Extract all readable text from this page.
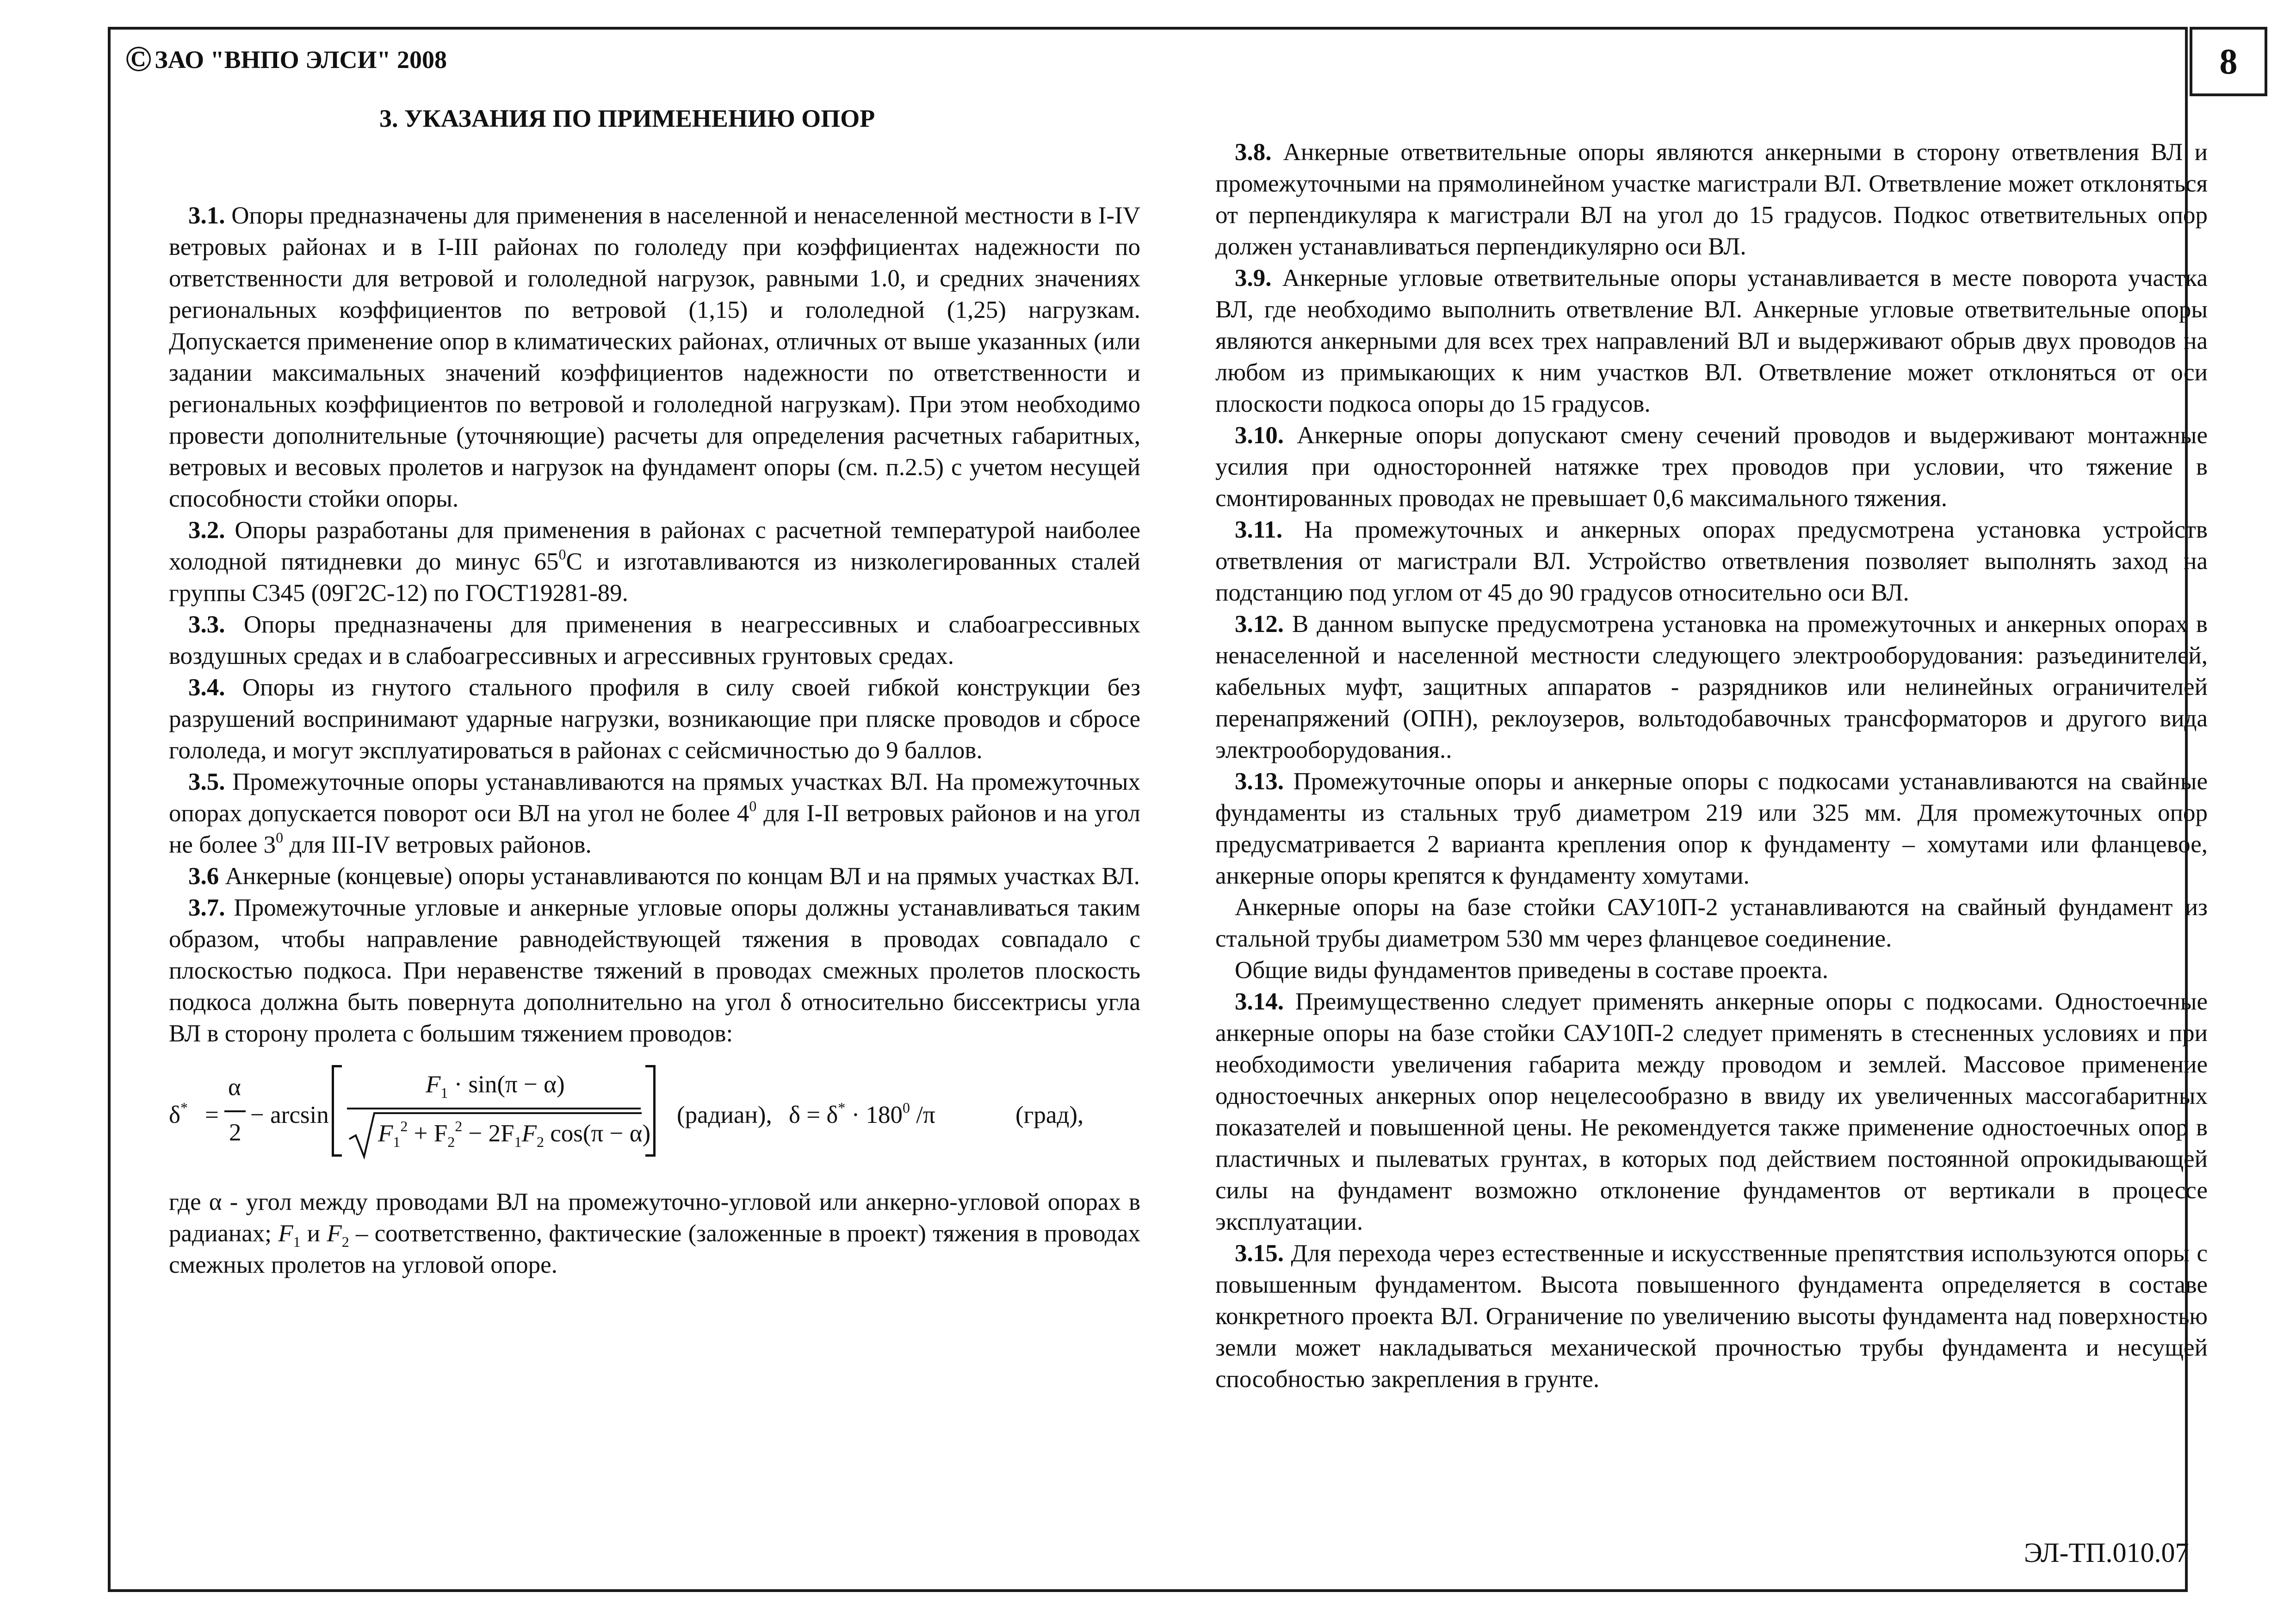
© ЗАО "ВНПО ЭЛСИ" 2008	8
3. УКАЗАНИЯ ПО ПРИМЕНЕНИЮ ОПОР

3.1. Опоры предназначены для применения в населенной и ненаселенной местности в I-IV ветровых районах и в I-III районах по гололеду при коэффициентах надежности по ответственности для ветровой и гололедной нагрузок, равными 1.0, и средних значениях региональных коэффициентов по ветровой (1,15) и гололедной (1,25) нагрузкам. Допускается применение опор в климатических районах, отличных от выше указанных (или задании максимальных значений коэффициентов надежности по ответственности и региональных коэффициентов по ветровой и гололедной нагрузкам). При этом необходимо провести дополнительные (уточняющие) расчеты для определения расчетных габаритных, ветровых и весовых пролетов и нагрузок на фундамент опоры (см. п.2.5) с учетом несущей способности стойки опоры.

3.2. Опоры разработаны для применения в районах с расчетной температурой наиболее холодной пятидневки до минус $65^0С$ и изготавливаются из низколегированных сталей группы С345 (09Г2С-12) по ГОСТ19281-89.

3.3. Опоры предназначены для применения в неагрессивных и слабоагрессивных воздушных средах и в слабоагрессивных и агрессивных грунтовых средах.

3.4. Опоры из гнутого стального профиля в силу своей гибкой конструкции без разрушений воспринимают ударные нагрузки, возникающие при пляске проводов и сбросе гололеда, и могут эксплуатироваться в районах с сейсмичностью до 9 баллов.

3.5. Промежуточные опоры устанавливаются на прямых участках ВЛ. На промежуточных опорах допускается поворот оси ВЛ на угол не более $4^0$ для I-II ветровых районов и на угол не более $3^0$ для III-IV ветровых районов.

3.6 Анкерные (концевые) опоры устанавливаются по концам ВЛ и на прямых участках ВЛ.

3.7. Промежуточные угловые и анкерные угловые опоры должны устанавливаться таким образом, чтобы направление равнодействующей тяжения в проводах совпадало с плоскостью подкоса. При неравенстве тяжений в проводах смежных пролетов плоскость подкоса должна быть повернута дополнительно на угол δ относительно биссектрисы угла ВЛ в сторону пролета с большим тяжением проводов:

δ* =
α
2
− arcsin
$F_1 \cdot \sin(\pi - \alpha)$
$F_1^2 + F_2^2 - 2F_1F_2$ cos(π − α)
(радиан), $\delta = \delta^* \cdot 180^0$ /π	(град),

где α - угол между проводами ВЛ на промежуточно-угловой или анкерно-угловой опорах в радианах; $F_1$ и $F_2$ – соответственно, фактические (заложенные в проект) тяжения в проводах смежных пролетов на угловой опоре.

3.8. Анкерные ответвительные опоры являются анкерными в сторону ответвления ВЛ и промежуточными на прямолинейном участке магистрали ВЛ. Ответвление может отклоняться от перпендикуляра к магистрали ВЛ на угол до 15 градусов. Подкос ответвительных опор должен устанавливаться перпендикулярно оси ВЛ.

3.9. Анкерные угловые ответвительные опоры устанавливается в месте поворота участка ВЛ, где необходимо выполнить ответвление ВЛ. Анкерные угловые ответвительные опоры являются анкерными для всех трех направлений ВЛ и выдерживают обрыв двух проводов на любом из примыкающих к ним участков ВЛ. Ответвление может отклоняться от оси плоскости подкоса опоры до 15 градусов.

3.10. Анкерные опоры допускают смену сечений проводов и выдерживают монтажные усилия при односторонней натяжке трех проводов при условии, что тяжение в смонтированных проводах не превышает 0,6 максимального тяжения.

3.11. На промежуточных и анкерных опорах предусмотрена установка устройств ответвления от магистрали ВЛ. Устройство ответвления позволяет выполнять заход на подстанцию под углом от 45 до 90 градусов относительно оси ВЛ.

3.12. В данном выпуске предусмотрена установка на промежуточных и анкерных опорах в ненаселенной и населенной местности следующего электрооборудования: разъединителей, кабельных муфт, защитных аппаратов - разрядников или нелинейных ограничителей перенапряжений (ОПН), реклоузеров, вольтодобавочных трансформаторов и другого вида электрооборудования..

3.13. Промежуточные опоры и анкерные опоры с подкосами устанавливаются на свайные фундаменты из стальных труб диаметром 219 или 325 мм. Для промежуточных опор предусматривается 2 варианта крепления опор к фундаменту – хомутами или фланцевое, анкерные опоры крепятся к фундаменту хомутами.

Анкерные опоры на базе стойки САУ10П-2 устанавливаются на свайный фундамент из стальной трубы диаметром 530 мм через фланцевое соединение.

Общие виды фундаментов приведены в составе проекта.

3.14. Преимущественно следует применять анкерные опоры с подкосами. Одностоечные анкерные опоры на базе стойки САУ10П-2 следует применять в стесненных условиях и при необходимости увеличения габарита между проводом и землей. Массовое применение одностоечных анкерных опор нецелесообразно в ввиду их увеличенных массогабаритных показателей и повышенной цены. Не рекомендуется также применение одностоечных опор в пластичных и пылеватых грунтах, в которых под действием постоянной опрокидывающей силы на фундамент возможно отклонение фундаментов от вертикали в процессе эксплуатации.

3.15. Для перехода через естественные и искусственные препятствия используются опоры с повышенным фундаментом. Высота повышенного фундамента определяется в составе конкретного проекта ВЛ. Ограничение по увеличению высоты фундамента над поверхностью земли может накладываться механической прочностью трубы фундамента и несущей способностью закрепления в грунте.

ЭЛ-ТП.010.07
